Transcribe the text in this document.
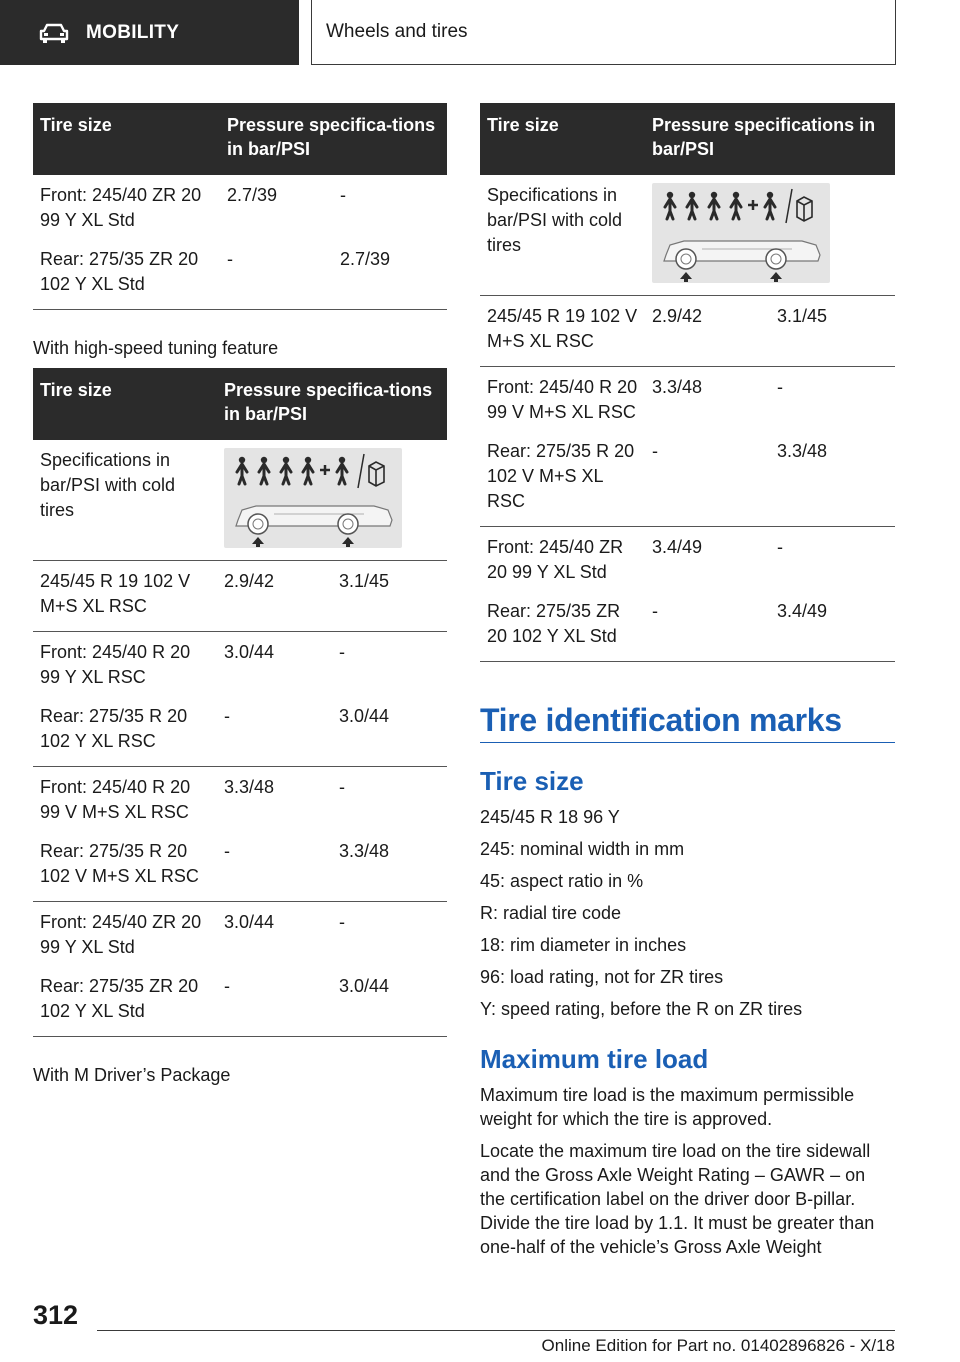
MOBILITY	Wheels and tires
Tire size	Pressure specifica-tions in bar/PSI	
Front: 245/40 ZR 20 99 Y XL Std	2.7/39	-
Rear: 275/35 ZR 20 102 Y XL Std	-	2.7/39
With high-speed tuning feature
Tire size	Pressure specifica-tions in bar/PSI	
Specifications in bar/PSI with cold tires	

245/45 R 19 102 V M+S XL RSC	2.9/42	3.1/45
Front: 245/40 R 20 99 Y XL RSC	3.0/44	-
Rear: 275/35 R 20 102 Y XL RSC	-	3.0/44
Front: 245/40 R 20 99 V M+S XL RSC	3.3/48	-
Rear: 275/35 R 20 102 V M+S XL RSC	-	3.3/48
Front: 245/40 ZR 20 99 Y XL Std	3.0/44	-
Rear: 275/35 ZR 20 102 Y XL Std	-	3.0/44
With M Driver’s Package
Tire size	Pressure specifications in bar/PSI	
Specifications in bar/PSI with cold tires	

245/45 R 19 102 V M+S XL RSC	2.9/42	3.1/45
Front: 245/40 R 20 99 V M+S XL RSC	3.3/48	-
Rear: 275/35 R 20 102 V M+S XL RSC	-	3.3/48
Front: 245/40 ZR 20 99 Y XL Std	3.4/49	-
Rear: 275/35 ZR 20 102 Y XL Std	-	3.4/49
Tire identification marks
Tire size
245/45 R 18 96 Y
245: nominal width in mm
45: aspect ratio in %
R: radial tire code
18: rim diameter in inches
96: load rating, not for ZR tires
Y: speed rating, before the R on ZR tires
Maximum tire load
Maximum tire load is the maximum permissible weight for which the tire is approved.
Locate the maximum tire load on the tire sidewall and the Gross Axle Weight Rating – GAWR – on the certification label on the driver door B-pillar. Divide the tire load by 1.1. It must be greater than one-half of the vehicle’s Gross Axle Weight
312
Online Edition for Part no. 01402896826 - X/18
